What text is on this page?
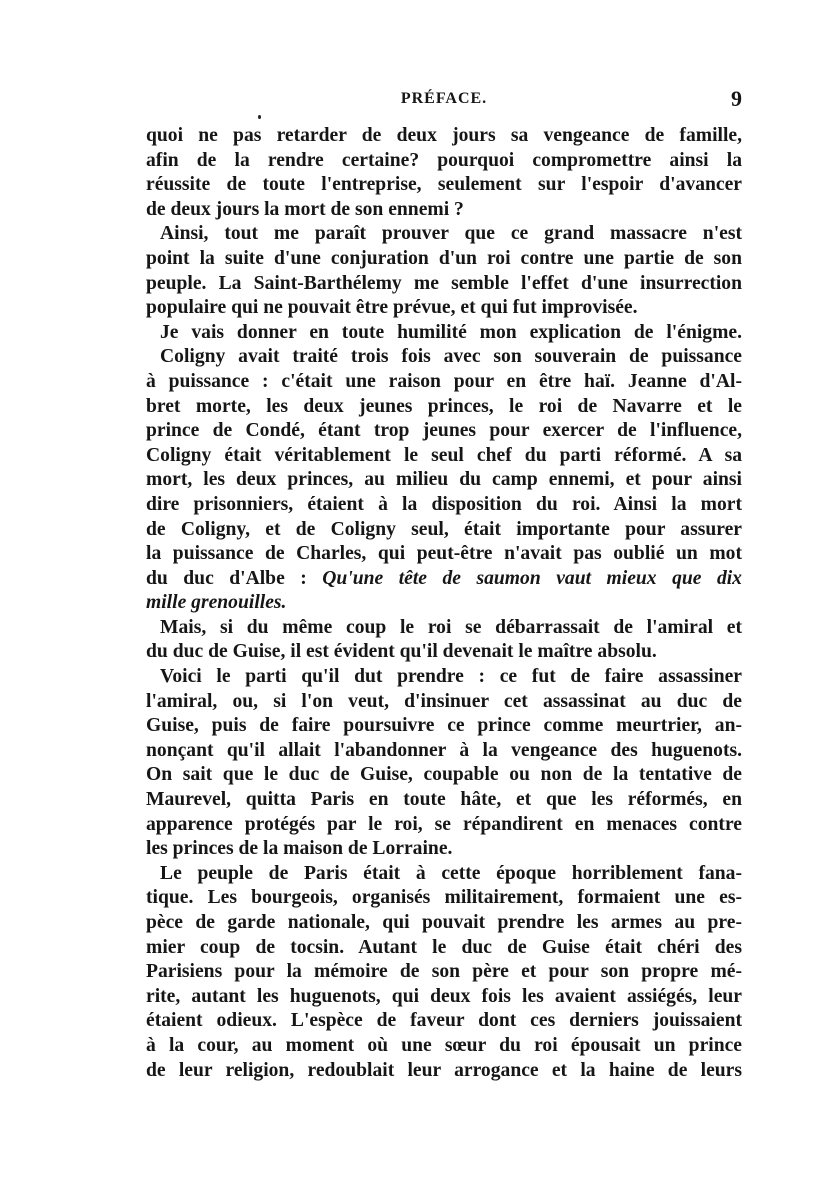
PRÉFACE.	9
quoi ne pas retarder de deux jours sa vengeance de famille,
afin de la rendre certaine? pourquoi compromettre ainsi la
réussite de toute l'entreprise, seulement sur l'espoir d'avancer
de deux jours la mort de son ennemi ?
Ainsi, tout me paraît prouver que ce grand massacre n'est
point la suite d'une conjuration d'un roi contre une partie de son
peuple. La Saint-Barthélemy me semble l'effet d'une insurrection
populaire qui ne pouvait être prévue, et qui fut improvisée.
Je vais donner en toute humilité mon explication de l'énigme.
Coligny avait traité trois fois avec son souverain de puissance
à puissance : c'était une raison pour en être haï. Jeanne d'Al-
bret morte, les deux jeunes princes, le roi de Navarre et le
prince de Condé, étant trop jeunes pour exercer de l'influence,
Coligny était véritablement le seul chef du parti réformé. A sa
mort, les deux princes, au milieu du camp ennemi, et pour ainsi
dire prisonniers, étaient à la disposition du roi. Ainsi la mort
de Coligny, et de Coligny seul, était importante pour assurer
la puissance de Charles, qui peut-être n'avait pas oublié un mot
du duc d'Albe : Qu'une tête de saumon vaut mieux que dix
mille grenouilles.
Mais, si du même coup le roi se débarrassait de l'amiral et
du duc de Guise, il est évident qu'il devenait le maître absolu.
Voici le parti qu'il dut prendre : ce fut de faire assassiner
l'amiral, ou, si l'on veut, d'insinuer cet assassinat au duc de
Guise, puis de faire poursuivre ce prince comme meurtrier, an-
nonçant qu'il allait l'abandonner à la vengeance des huguenots.
On sait que le duc de Guise, coupable ou non de la tentative de
Maurevel, quitta Paris en toute hâte, et que les réformés, en
apparence protégés par le roi, se répandirent en menaces contre
les princes de la maison de Lorraine.
Le peuple de Paris était à cette époque horriblement fana-
tique. Les bourgeois, organisés militairement, formaient une es-
pèce de garde nationale, qui pouvait prendre les armes au pre-
mier coup de tocsin. Autant le duc de Guise était chéri des
Parisiens pour la mémoire de son père et pour son propre mé-
rite, autant les huguenots, qui deux fois les avaient assiégés, leur
étaient odieux. L'espèce de faveur dont ces derniers jouissaient
à la cour, au moment où une sœur du roi épousait un prince
de leur religion, redoublait leur arrogance et la haine de leurs
